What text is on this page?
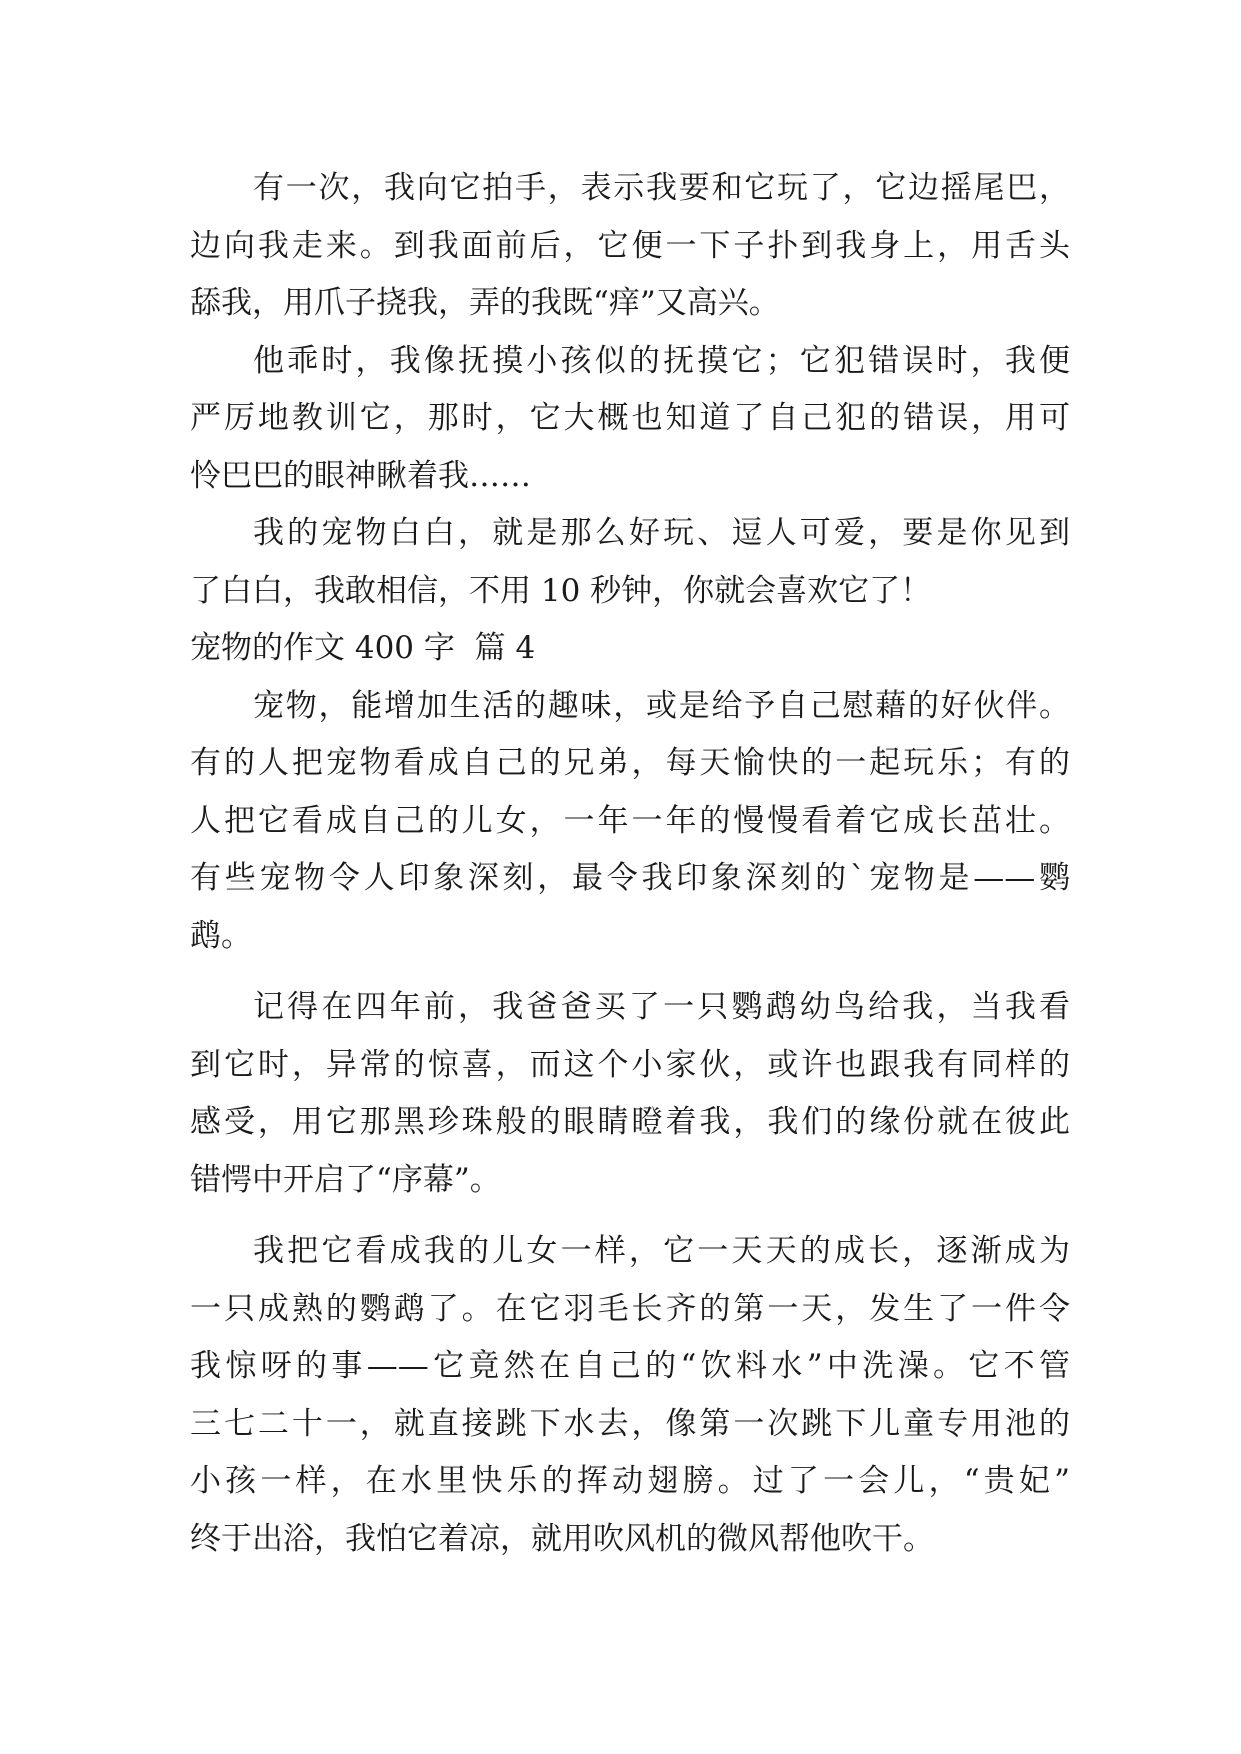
有一次，我向它拍手，表示我要和它玩了，它边摇尾巴，
边向我走来。到我面前后，它便一下子扑到我身上，用舌头
舔我，用爪子挠我，弄的我既“痒”又高兴。
他乖时，我像抚摸小孩似的抚摸它；它犯错误时，我便
严厉地教训它，那时，它大概也知道了自己犯的错误，用可
怜巴巴的眼神瞅着我……
我的宠物白白，就是那么好玩、逗人可爱，要是你见到
了白白，我敢相信，不用 10 秒钟，你就会喜欢它了！
宠物的作文 400 字  篇 4
宠物，能增加生活的趣味，或是给予自己慰藉的好伙伴。
有的人把宠物看成自己的兄弟，每天愉快的一起玩乐；有的
人把它看成自己的儿女，一年一年的慢慢看着它成长茁壮。
有些宠物令人印象深刻，最令我印象深刻的`宠物是——鹦
鹉。
记得在四年前，我爸爸买了一只鹦鹉幼鸟给我，当我看
到它时，异常的惊喜，而这个小家伙，或许也跟我有同样的
感受，用它那黑珍珠般的眼睛瞪着我，我们的缘份就在彼此
错愕中开启了“序幕”。
我把它看成我的儿女一样，它一天天的成长，逐渐成为
一只成熟的鹦鹉了。在它羽毛长齐的第一天，发生了一件令
我惊呀的事——它竟然在自己的“饮料水”中洗澡。它不管
三七二十一，就直接跳下水去，像第一次跳下儿童专用池的
小孩一样，在水里快乐的挥动翅膀。过了一会儿，“贵妃”
终于出浴，我怕它着凉，就用吹风机的微风帮他吹干。
